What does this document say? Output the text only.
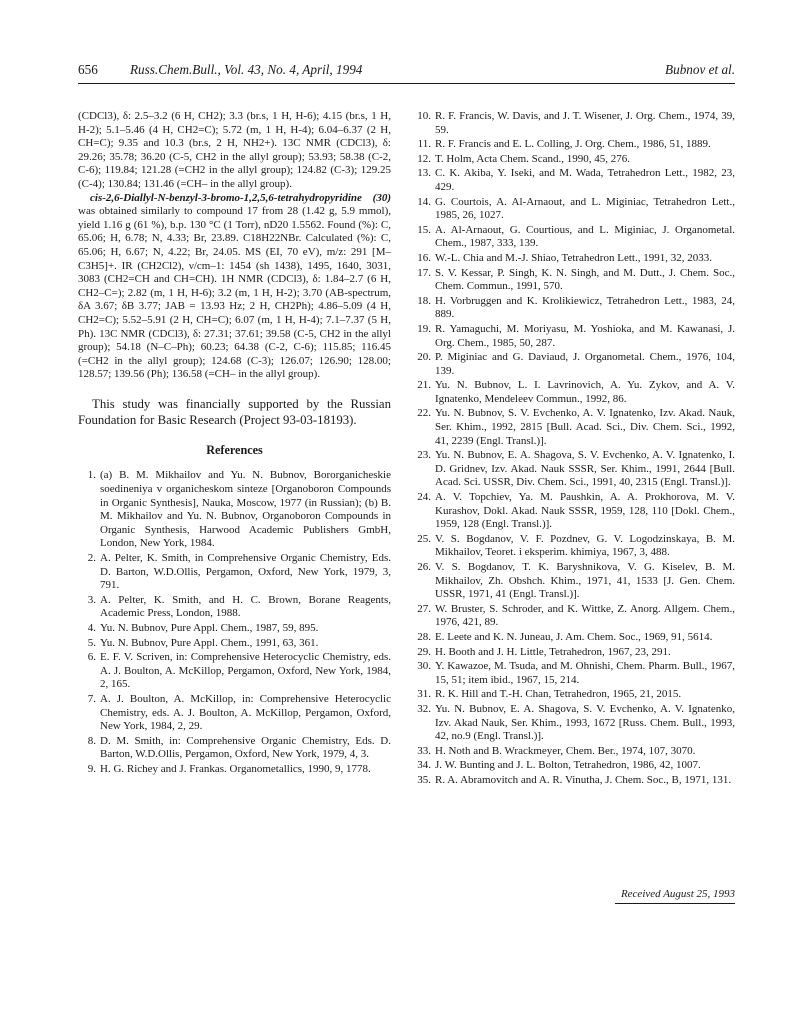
656 Russ.Chem.Bull., Vol. 43, No. 4, April, 1994	Bubnov et al.

(CDCl3), δ: 2.5–3.2 (6 H, CH2); 3.3 (br.s, 1 H, H-6); 4.15 (br.s, 1 H, H-2); 5.1–5.46 (4 H, CH2=C); 5.72 (m, 1 H, H-4); 6.04–6.37 (2 H, CH=C); 9.35 and 10.3 (br.s, 2 H, NH2+). 13C NMR (CDCl3), δ: 29.26; 35.78; 36.20 (C-5, CH2 in the allyl group); 53.93; 58.38 (C-2, C-6); 119.84; 121.28 (=CH2 in the allyl group); 124.82 (C-3); 129.25 (C-4); 130.84; 131.46 (=CH– in the allyl group).

cis-2,6-Diallyl-N-benzyl-3-bromo-1,2,5,6-tetrahydropyridine (30) was obtained similarly to compound 17 from 28 (1.42 g, 5.9 mmol), yield 1.16 g (61 %), b.p. 130 °C (1 Torr), nD20 1.5562. Found (%): C, 65.06; H, 6.78; N, 4.33; Br, 23.89. C18H22NBr. Calculated (%): C, 65.06; H, 6.67; N, 4.22; Br, 24.05. MS (EI, 70 eV), m/z: 291 [M–C3H5]+. IR (CH2Cl2), ν/cm–1: 1454 (sh 1438), 1495, 1640, 3031, 3083 (CH2=CH and CH=CH). 1H NMR (CDCl3), δ: 1.84–2.7 (6 H, CH2–C=); 2.82 (m, 1 H, H-6); 3.2 (m, 1 H, H-2); 3.70 (AB-spectrum, δA 3.67; δB 3.77; JAB = 13.93 Hz; 2 H, CH2Ph); 4.86–5.09 (4 H, CH2=C); 5.52–5.91 (2 H, CH=C); 6.07 (m, 1 H, H-4); 7.1–7.37 (5 H, Ph). 13C NMR (CDCl3), δ: 27.31; 37.61; 39.58 (C-5, CH2 in the allyl group); 54.18 (N–C–Ph); 60.23; 64.38 (C-2, C-6); 115.85; 116.45 (=CH2 in the allyl group); 124.68 (C-3); 126.07; 126.90; 128.00; 128.57; 139.56 (Ph); 136.58 (=CH– in the allyl group).

This study was financially supported by the Russian Foundation for Basic Research (Project 93-03-18193).

References
1. (a) B. M. Mikhailov and Yu. N. Bubnov, Bororganicheskie soedineniya v organicheskom sinteze [Organoboron Compounds in Organic Synthesis], Nauka, Moscow, 1977 (in Russian); (b) B. M. Mikhailov and Yu. N. Bubnov, Organoboron Compounds in Organic Synthesis, Harwood Academic Publishers GmbH, London, New York, 1984.
2. A. Pelter, K. Smith, in Comprehensive Organic Chemistry, Eds. D. Barton, W.D.Ollis, Pergamon, Oxford, New York, 1979, 3, 791.
3. A. Pelter, K. Smith, and H. C. Brown, Borane Reagents, Academic Press, London, 1988.
4. Yu. N. Bubnov, Pure Appl. Chem., 1987, 59, 895.
5. Yu. N. Bubnov, Pure Appl. Chem., 1991, 63, 361.
6. E. F. V. Scriven, in: Comprehensive Heterocyclic Chemistry, eds. A. J. Boulton, A. McKillop, Pergamon, Oxford, New York, 1984, 2, 165.
7. A. J. Boulton, A. McKillop, in: Comprehensive Heterocyclic Chemistry, eds. A. J. Boulton, A. McKillop, Pergamon, Oxford, New York, 1984, 2, 29.
8. D. M. Smith, in: Comprehensive Organic Chemistry, Eds. D. Barton, W.D.Ollis, Pergamon, Oxford, New York, 1979, 4, 3.
9. H. G. Richey and J. Frankas. Organometallics, 1990, 9, 1778.
10. R. F. Francis, W. Davis, and J. T. Wisener, J. Org. Chem., 1974, 39, 59.
11. R. F. Francis and E. L. Colling, J. Org. Chem., 1986, 51, 1889.
12. T. Holm, Acta Chem. Scand., 1990, 45, 276.
13. C. K. Akiba, Y. Iseki, and M. Wada, Tetrahedron Lett., 1982, 23, 429.
14. G. Courtois, A. Al-Arnaout, and L. Miginiac, Tetrahedron Lett., 1985, 26, 1027.
15. A. Al-Arnaout, G. Courtious, and L. Miginiac, J. Organometal. Chem., 1987, 333, 139.
16. W.-L. Chia and M.-J. Shiao, Tetrahedron Lett., 1991, 32, 2033.
17. S. V. Kessar, P. Singh, K. N. Singh, and M. Dutt., J. Chem. Soc., Chem. Commun., 1991, 570.
18. H. Vorbruggen and K. Krolikiewicz, Tetrahedron Lett., 1983, 24, 889.
19. R. Yamaguchi, M. Moriyasu, M. Yoshioka, and M. Kawanasi, J. Org. Chem., 1985, 50, 287.
20. P. Miginiac and G. Daviaud, J. Organometal. Chem., 1976, 104, 139.
21. Yu. N. Bubnov, L. I. Lavrinovich, A. Yu. Zykov, and A. V. Ignatenko, Mendeleev Commun., 1992, 86.
22. Yu. N. Bubnov, S. V. Evchenko, A. V. Ignatenko, Izv. Akad. Nauk, Ser. Khim., 1992, 2815 [Bull. Acad. Sci., Div. Chem. Sci., 1992, 41, 2239 (Engl. Transl.)].
23. Yu. N. Bubnov, E. A. Shagova, S. V. Evchenko, A. V. Ignatenko, I. D. Gridnev, Izv. Akad. Nauk SSSR, Ser. Khim., 1991, 2644 [Bull. Acad. Sci. USSR, Div. Chem. Sci., 1991, 40, 2315 (Engl. Transl.)].
24. A. V. Topchiev, Ya. M. Paushkin, A. A. Prokhorova, M. V. Kurashov, Dokl. Akad. Nauk SSSR, 1959, 128, 110 [Dokl. Chem., 1959, 128 (Engl. Transl.)].
25. V. S. Bogdanov, V. F. Pozdnev, G. V. Logodzinskaya, B. M. Mikhailov, Teoret. i eksperim. khimiya, 1967, 3, 488.
26. V. S. Bogdanov, T. K. Baryshnikova, V. G. Kiselev, B. M. Mikhailov, Zh. Obshch. Khim., 1971, 41, 1533 [J. Gen. Chem. USSR, 1971, 41 (Engl. Transl.)].
27. W. Bruster, S. Schroder, and K. Wittke, Z. Anorg. Allgem. Chem., 1976, 421, 89.
28. E. Leete and K. N. Juneau, J. Am. Chem. Soc., 1969, 91, 5614.
29. H. Booth and J. H. Little, Tetrahedron, 1967, 23, 291.
30. Y. Kawazoe, M. Tsuda, and M. Ohnishi, Chem. Pharm. Bull., 1967, 15, 51; item ibid., 1967, 15, 214.
31. R. K. Hill and T.-H. Chan, Tetrahedron, 1965, 21, 2015.
32. Yu. N. Bubnov, E. A. Shagova, S. V. Evchenko, A. V. Ignatenko, Izv. Akad Nauk, Ser. Khim., 1993, 1672 [Russ. Chem. Bull., 1993, 42, no.9 (Engl. Transl.)].
33. H. Noth and B. Wrackmeyer, Chem. Ber., 1974, 107, 3070.
34. J. W. Bunting and J. L. Bolton, Tetrahedron, 1986, 42, 1007.
35. R. A. Abramovitch and A. R. Vinutha, J. Chem. Soc., B, 1971, 131.
Received August 25, 1993
